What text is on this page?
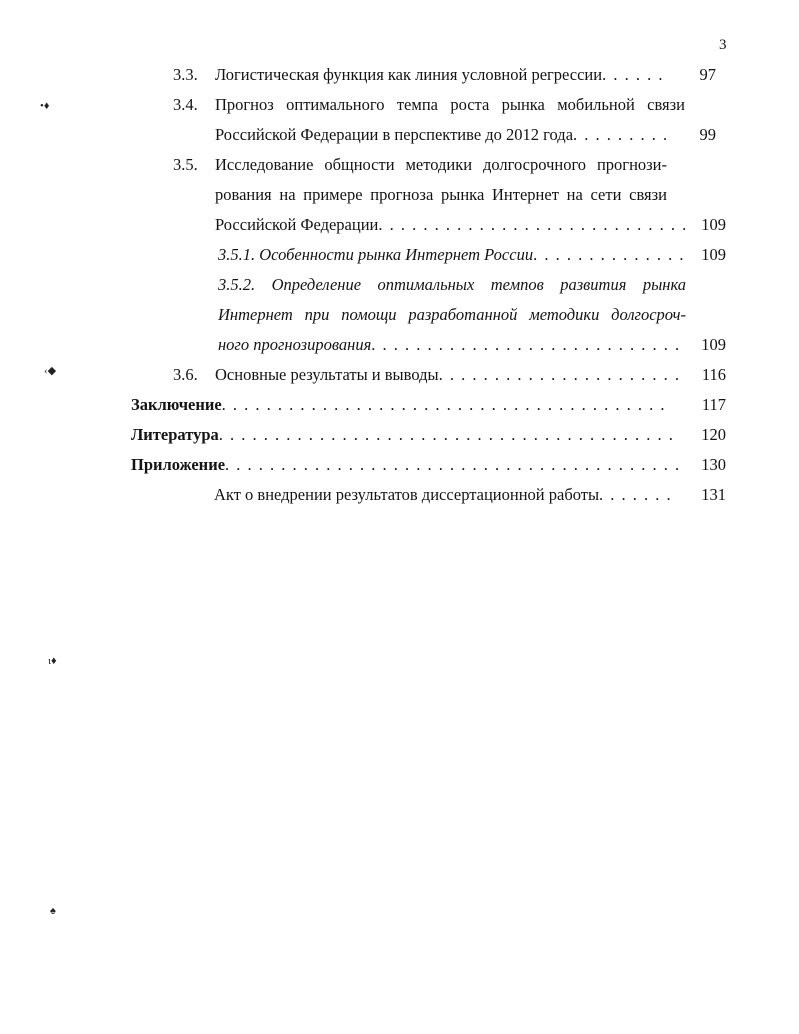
3
•♦
‹◆
ι♦
♠
3.3. Логистическая функция как линия условной регрессии . . .	97
3.4. Прогноз оптимального темпа роста рынка мобильной связи
Российской Федерации в перспективе до 2012 года . . .	99
3.5. Исследование общности методики долгосрочного прогнози-
рования на примере прогноза рынка Интернет на сети связи
Российской Федерации . . .	109
3.5.1. Особенности рынка Интернет России . . .	109
3.5.2. Определение оптимальных темпов развития рынка
Интернет при помощи разработанной методики долгосроч-
ного прогнозирования . . .	109
3.6. Основные результаты и выводы . . .	116
Заключение . . .	117
Литература . . .	120
Приложение . . .	130
Акт о внедрении результатов диссертационной работы . . .	131
